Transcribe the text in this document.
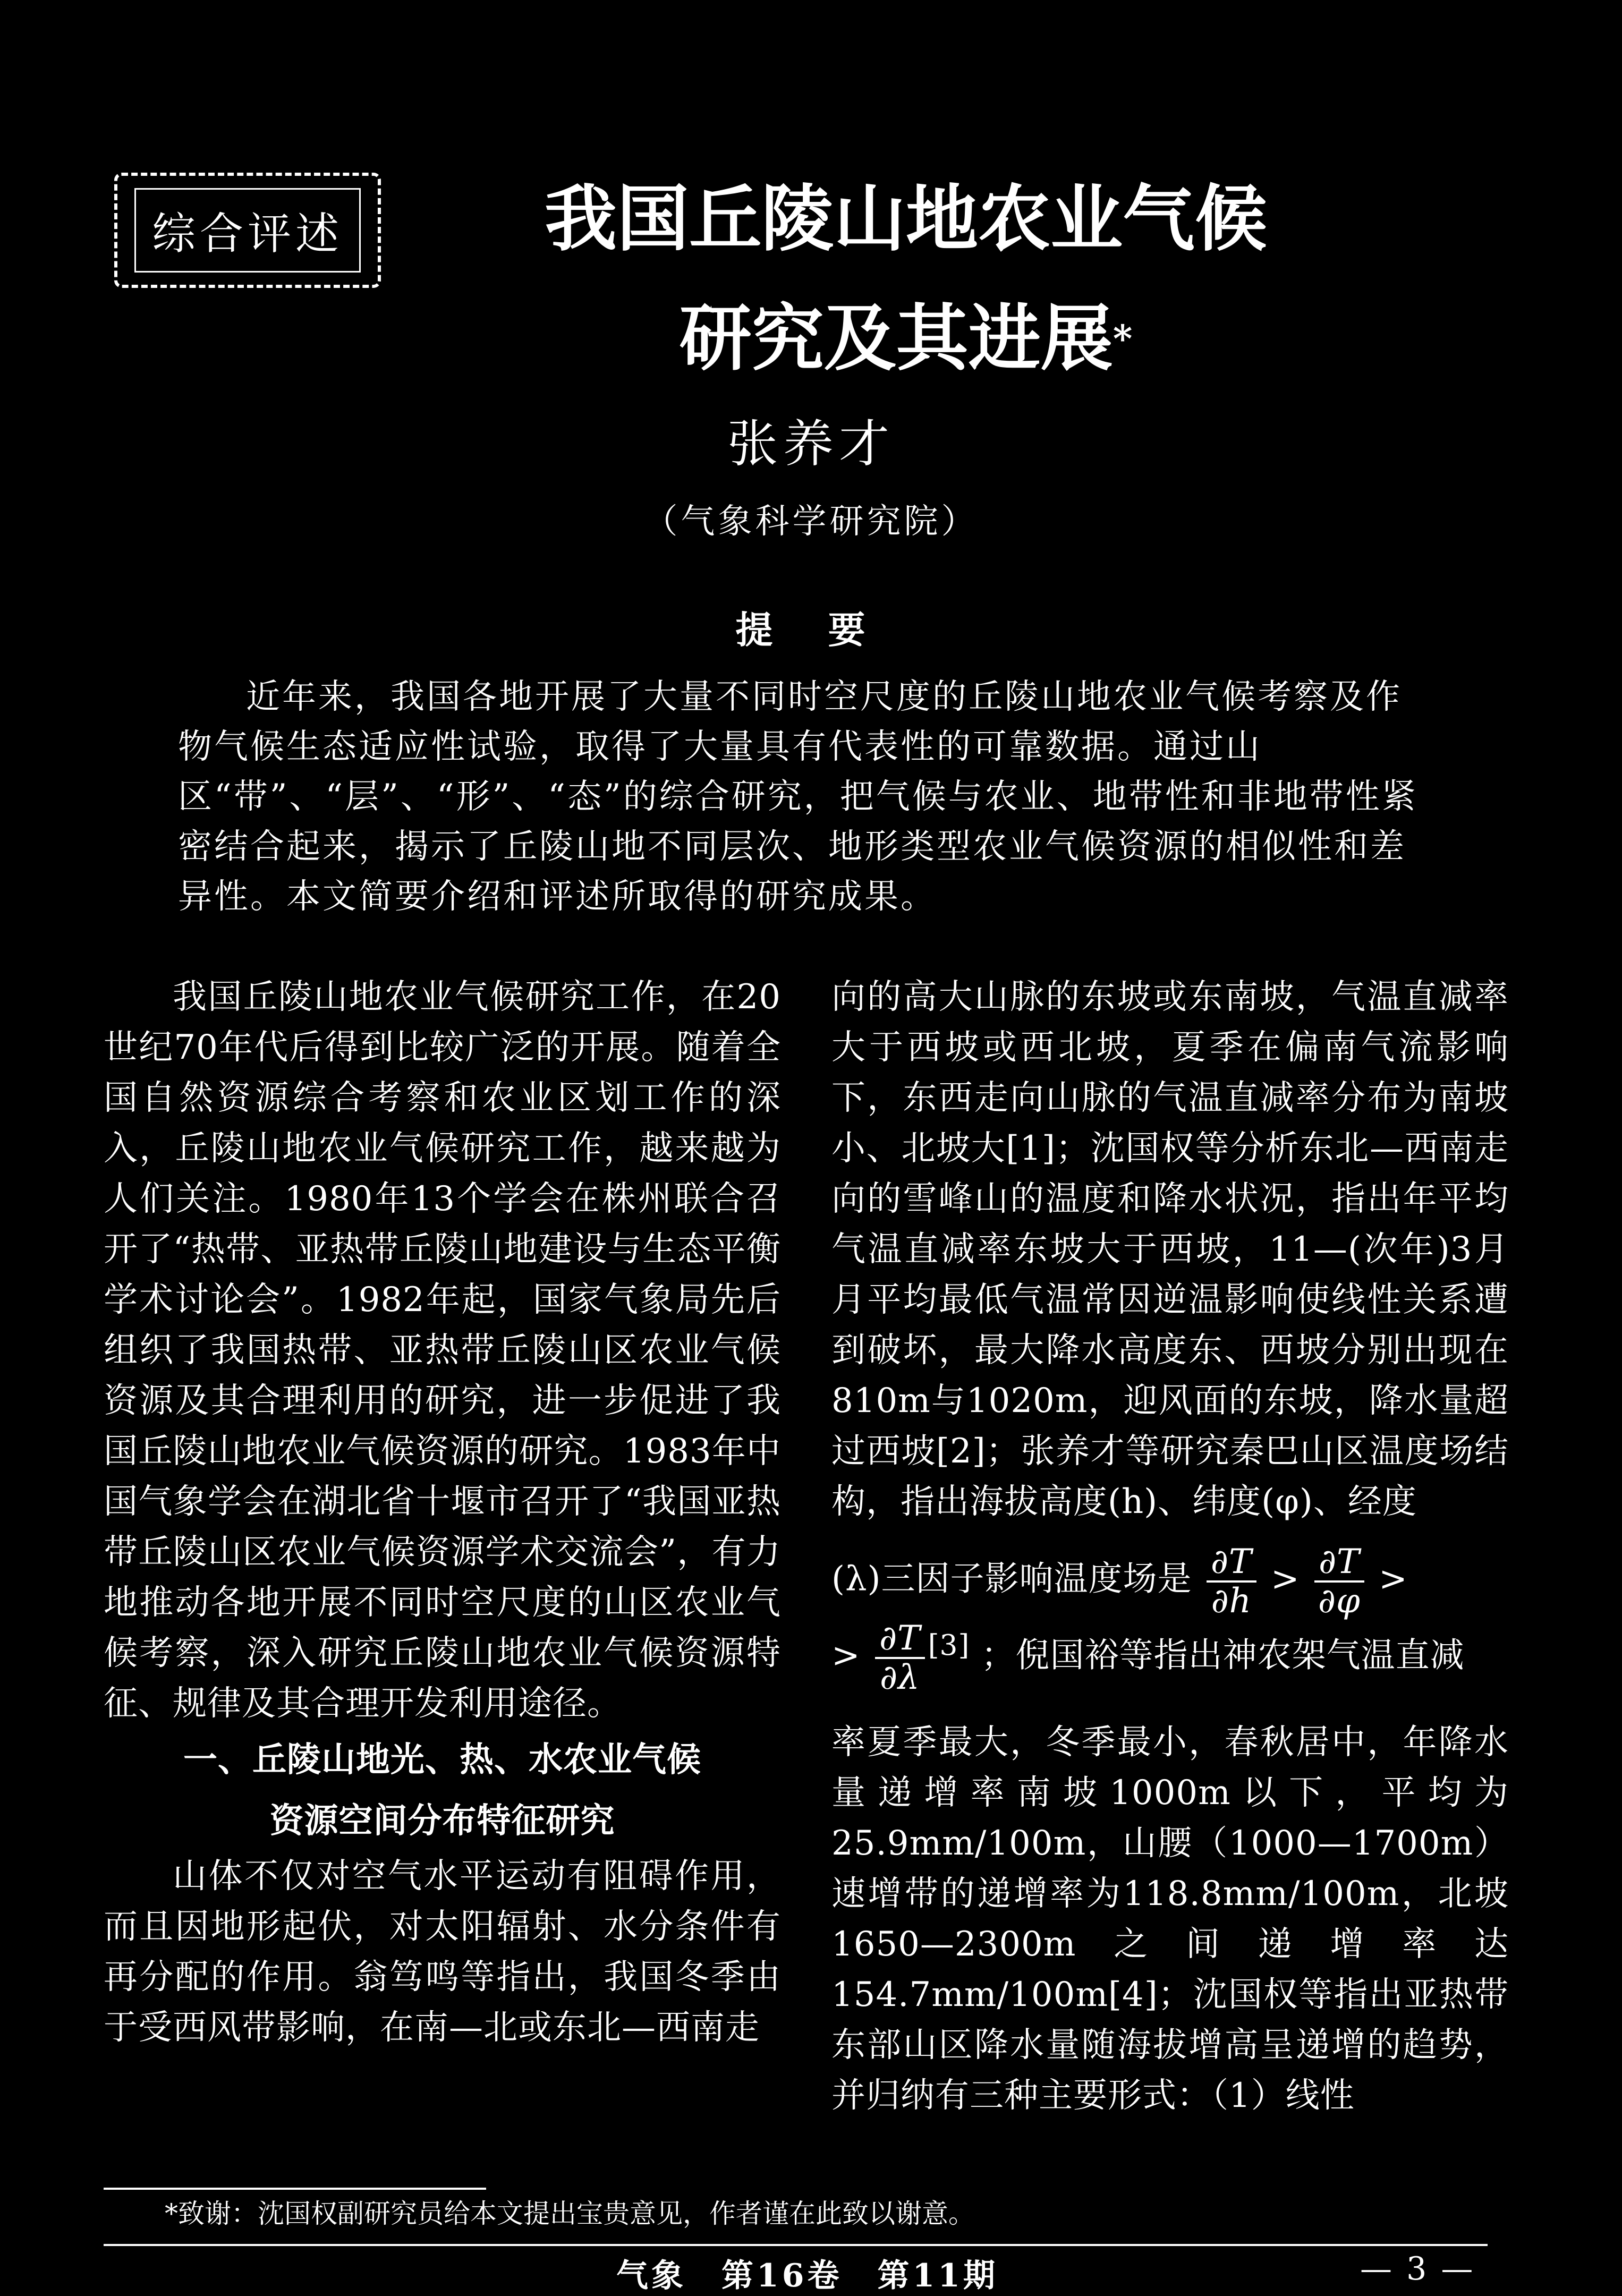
综合评述	我国丘陵山地农业气候
研究及其进展*
张养才
（气象科学研究院）
提 要
近年来，我国各地开展了大量不同时空尺度的丘陵山地农业气候考察及作物气候生态适应性试验，取得了大量具有代表性的可靠数据。通过山区“带”、“层”、“形”、“态”的综合研究，把气候与农业、地带性和非地带性紧密结合起来，揭示了丘陵山地不同层次、地形类型农业气候资源的相似性和差异性。本文简要介绍和评述所取得的研究成果。

我国丘陵山地农业气候研究工作，在20世纪70年代后得到比较广泛的开展。随着全国自然资源综合考察和农业区划工作的深入，丘陵山地农业气候研究工作，越来越为人们关注。1980年13个学会在株州联合召开了“热带、亚热带丘陵山地建设与生态平衡学术讨论会”。1982年起，国家气象局先后组织了我国热带、亚热带丘陵山区农业气候资源及其合理利用的研究，进一步促进了我国丘陵山地农业气候资源的研究。1983年中国气象学会在湖北省十堰市召开了“我国亚热带丘陵山区农业气候资源学术交流会”，有力地推动各地开展不同时空尺度的山区农业气候考察，深入研究丘陵山地农业气候资源特征、规律及其合理开发利用途径。

一、丘陵山地光、热、水农业气候
资源空间分布特征研究

山体不仅对空气水平运动有阻碍作用，而且因地形起伏，对太阳辐射、水分条件有再分配的作用。翁笃鸣等指出，我国冬季由于受西风带影响，在南—北或东北—西南走

向的高大山脉的东坡或东南坡，气温直减率大于西坡或西北坡，夏季在偏南气流影响下，东西走向山脉的气温直减率分布为南坡小、北坡大[1]；沈国权等分析东北—西南走向的雪峰山的温度和降水状况，指出年平均气温直减率东坡大于西坡，11—(次年)3月月平均最低气温常因逆温影响使线性关系遭到破坏，最大降水高度东、西坡分别出现在810m与1020m，迎风面的东坡，降水量超过西坡[2]；张养才等研究秦巴山区温度场结构，指出海拔高度(h)、纬度(φ)、经度

(λ)三因子影响温度场是 $\frac{\partial T}{\partial h} > \frac{\partial T}{\partial\varphi}$ >
> $\frac{\partial T}{\partial\lambda} [3]$ ；倪国裕等指出神农架气温直减

率夏季最大，冬季最小，春秋居中，年降水量递增率南坡1000m以下，平均为25.9mm/100m，山腰（1000—1700m）速增带的递增率为118.8mm/100m，北坡1650—2300m之间递增率达154.7mm/100m[4]；沈国权等指出亚热带东部山区降水量随海拔增高呈递增的趋势，并归纳有三种主要形式：（1）线性

*致谢：沈国权副研究员给本文提出宝贵意见，作者谨在此致以谢意。
气象　第16卷　第11期	— 3 —
